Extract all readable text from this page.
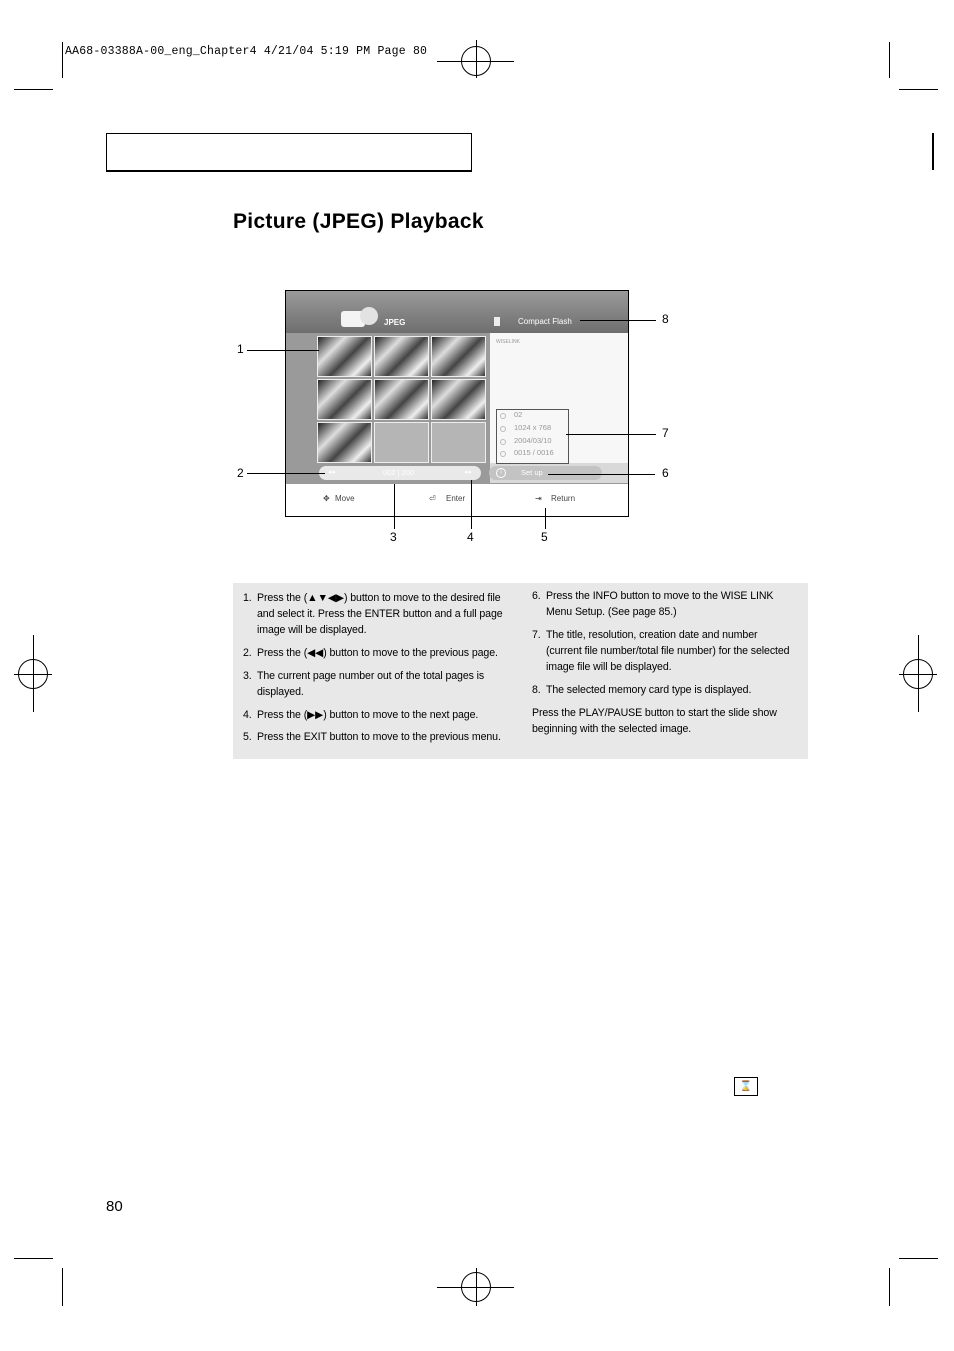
AA68-03388A-00_eng_Chapter4 4/21/04 5:19 PM Page 80
Picture (JPEG) Playback
JPEG	Compact Flash
WISELINK
02
1024 x 768
2004/03/10
0015 / 0016
◂◂	002 | 200	▸▸	i	Set up
✥ Move	⏎ Enter	⇥ Return
1
2
3	4	5
6
7
8
1. Press the (▲▼◀▶) button to move to the desired file and select it. Press the ENTER button and a full page image will be displayed.
2. Press the (◀◀) button to move to the previous page.
3. The current page number out of the total pages is displayed.
4. Press the (▶▶) button to move to the next page.
5. Press the EXIT button to move to the previous menu.
6. Press the INFO button to move to the WISE LINK Menu Setup. (See page 85.)
7. The title, resolution, creation date and number (current file number/total file number) for the selected image file will be displayed.
8. The selected memory card type is displayed.
Press the PLAY/PAUSE button to start the slide show beginning with the selected image.
⌛
80
